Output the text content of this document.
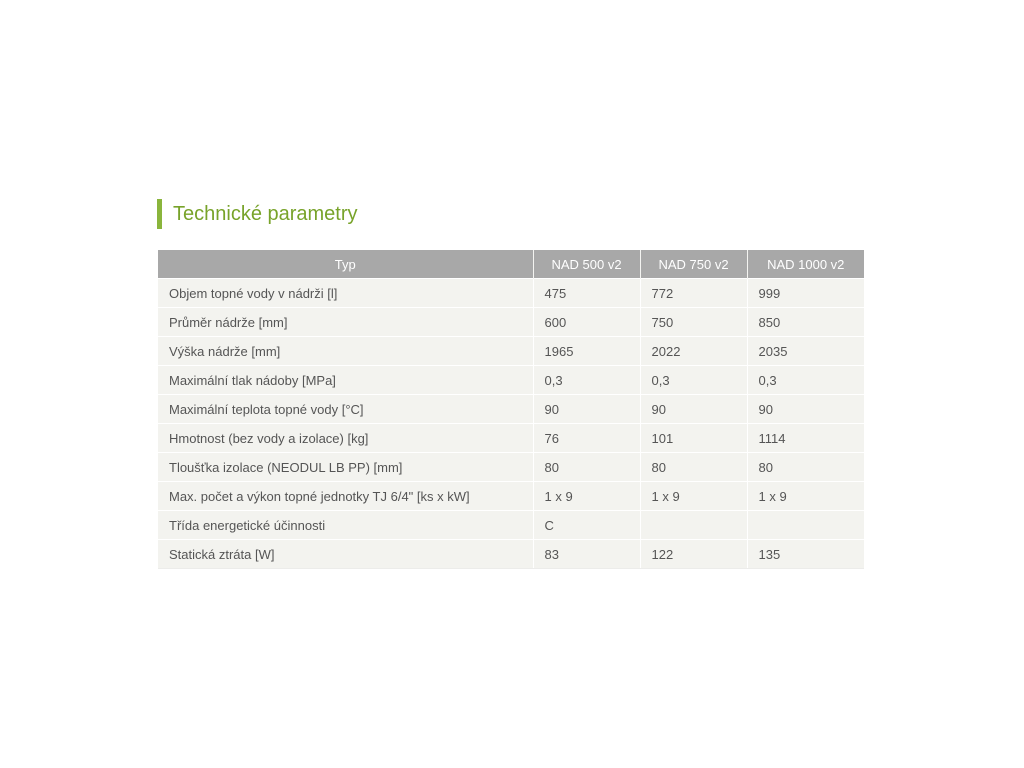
Technické parametry
Typ	NAD 500 v2	NAD 750 v2	NAD 1000 v2
Objem topné vody v nádrži [l]	475	772	999
Průměr nádrže [mm]	600	750	850
Výška nádrže [mm]	1965	2022	2035
Maximální tlak nádoby [MPa]	0,3	0,3	0,3
Maximální teplota topné vody [°C]	90	90	90
Hmotnost (bez vody a izolace) [kg]	76	101	1114
Tloušťka izolace (NEODUL LB PP) [mm]	80	80	80
Max. počet a výkon topné jednotky TJ 6/4" [ks x kW]	1 x 9	1 x 9	1 x 9
Třída energetické účinnosti	C		
Statická ztráta [W]	83	122	135
